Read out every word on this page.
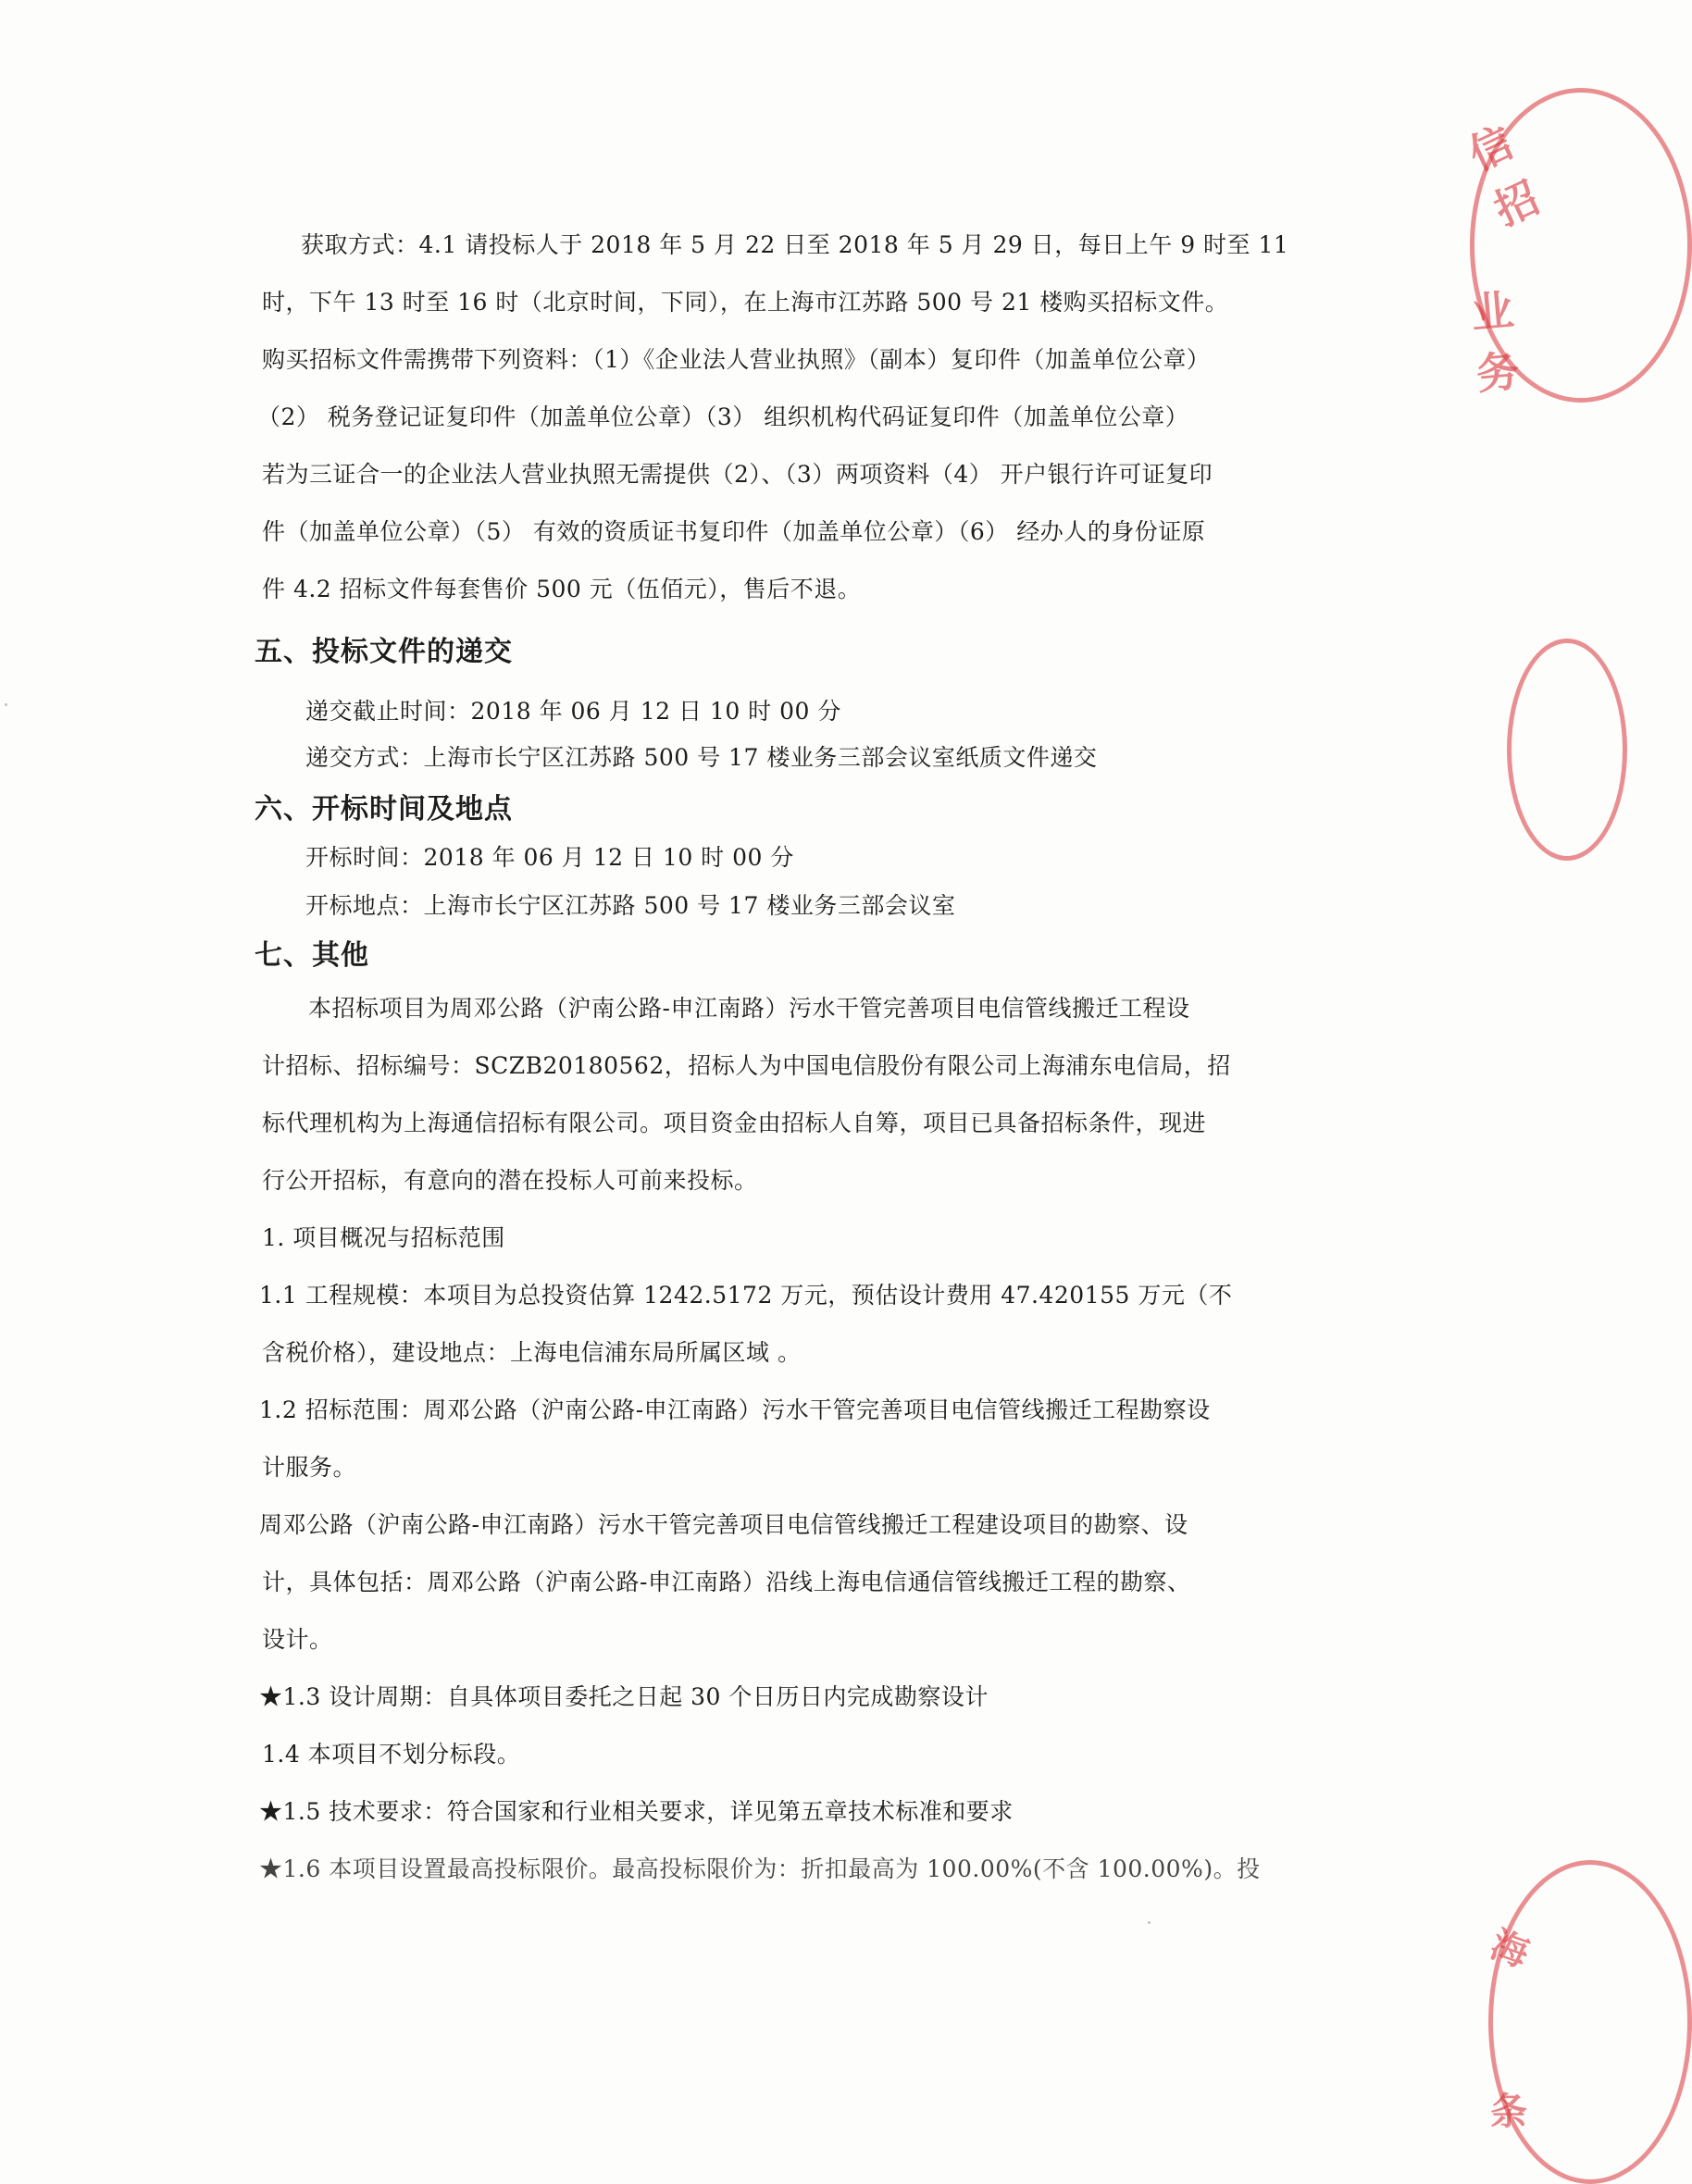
获取方式：4.1 请投标人于 2018 年 5 月 22 日至 2018 年 5 月 29 日，每日上午 9 时至 11
时，下午 13 时至 16 时（北京时间，下同），在上海市江苏路 500 号 21 楼购买招标文件。
购买招标文件需携带下列资料：（1）《企业法人营业执照》（副本）复印件（加盖单位公章）
（2） 税务登记证复印件（加盖单位公章）（3） 组织机构代码证复印件（加盖单位公章）
若为三证合一的企业法人营业执照无需提供（2）、（3）两项资料（4） 开户银行许可证复印
件（加盖单位公章）（5） 有效的资质证书复印件（加盖单位公章）（6） 经办人的身份证原
件 4.2 招标文件每套售价 500 元（伍佰元），售后不退。
五、投标文件的递交
递交截止时间：2018 年 06 月 12 日 10 时 00 分
递交方式：上海市长宁区江苏路 500 号 17 楼业务三部会议室纸质文件递交
六、开标时间及地点
开标时间：2018 年 06 月 12 日 10 时 00 分
开标地点：上海市长宁区江苏路 500 号 17 楼业务三部会议室
七、其他
本招标项目为周邓公路（沪南公路-申江南路）污水干管完善项目电信管线搬迁工程设
计招标、招标编号：SCZB20180562，招标人为中国电信股份有限公司上海浦东电信局，招
标代理机构为上海通信招标有限公司。项目资金由招标人自筹，项目已具备招标条件，现进
行公开招标，有意向的潜在投标人可前来投标。
1. 项目概况与招标范围
1.1 工程规模：本项目为总投资估算 1242.5172 万元，预估设计费用 47.420155 万元（不
含税价格），建设地点：上海电信浦东局所属区域 。
1.2 招标范围：周邓公路（沪南公路-申江南路）污水干管完善项目电信管线搬迁工程勘察设
计服务。
周邓公路（沪南公路-申江南路）污水干管完善项目电信管线搬迁工程建设项目的勘察、设
计，具体包括：周邓公路（沪南公路-申江南路）沿线上海电信通信管线搬迁工程的勘察、
设计。
★1.3 设计周期：自具体项目委托之日起 30 个日历日内完成勘察设计
1.4 本项目不划分标段。
★1.5 技术要求：符合国家和行业相关要求，详见第五章技术标准和要求
★1.6 本项目设置最高投标限价。最高投标限价为：折扣最高为 100.00%(不含 100.00%)。投
信招
业务
海
条
